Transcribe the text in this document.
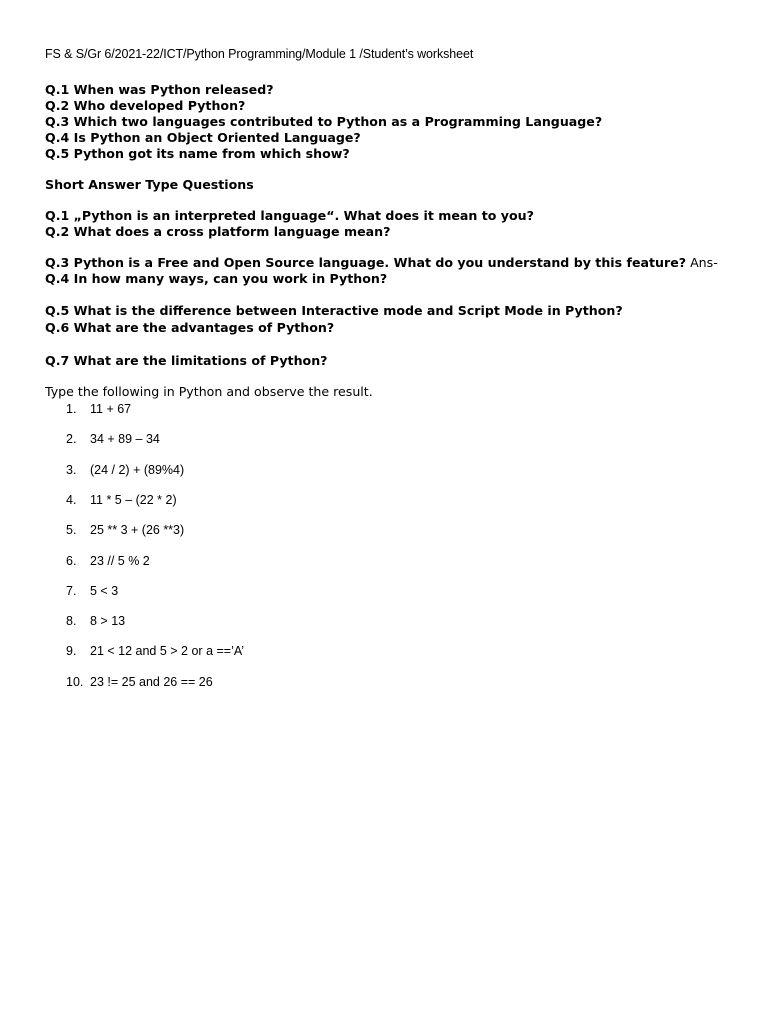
FS & S/Gr 6/2021-22/ICT/Python Programming/Module 1 /Student’s worksheet
Q.1 When was Python released?
Q.2 Who developed Python?
Q.3 Which two languages contributed to Python as a Programming Language?
Q.4 Is Python an Object Oriented Language?
Q.5 Python got its name from which show?
Short Answer Type Questions
Q.1 „Python is an interpreted language“. What does it mean to you?
Q.2 What does a cross platform language mean?
Q.3 Python is a Free and Open Source language. What do you understand by this feature? Ans-
Q.4 In how many ways, can you work in Python?
Q.5 What is the difference between Interactive mode and Script Mode in Python?
Q.6 What are the advantages of Python?
Q.7 What are the limitations of Python?
Type the following in Python and observe the result.
1. 11 + 67
2. 34 + 89 – 34
3. (24 / 2) + (89%4)
4. 11 * 5 – (22 * 2)
5. 25 ** 3 + (26 **3)
6. 23 // 5 % 2
7. 5 < 3
8. 8 > 13
9. 21 < 12 and 5 > 2 or a ==’A’
10. 23 != 25 and 26 == 26
